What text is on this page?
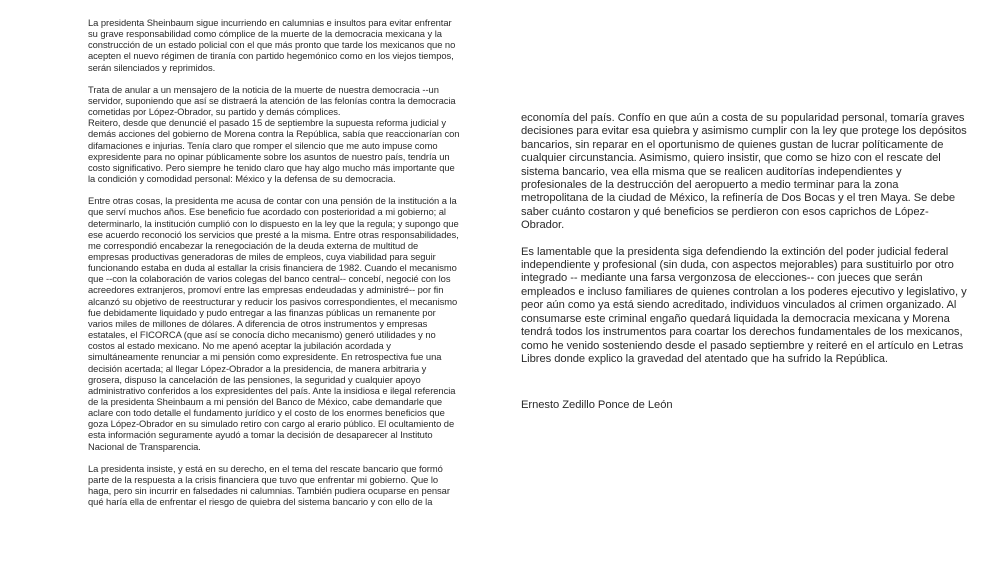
La presidenta Sheinbaum sigue incurriendo en calumnias e insultos para evitar enfrentar su grave responsabilidad como cómplice de la muerte de la democracia mexicana y la construcción de un estado policial con el que más pronto que tarde los mexicanos que no acepten el nuevo régimen de tiranía con partido hegemónico como en los viejos tiempos, serán silenciados y reprimidos.

Trata de anular a un mensajero de la noticia de la muerte de nuestra democracia --un servidor, suponiendo que así se distraerá la atención de las felonías contra la democracia cometidas por López-Obrador, su partido y demás cómplices.

Reitero, desde que denuncié el pasado 15 de septiembre la supuesta reforma judicial y demás acciones del gobierno de Morena contra la República, sabía que reaccionarían con difamaciones e injurias. Tenía claro que romper el silencio que me auto impuse como expresidente para no opinar públicamente sobre los asuntos de nuestro país, tendría un costo significativo. Pero siempre he tenido claro que hay algo mucho más importante que la condición y comodidad personal: México y la defensa de su democracia.

Entre otras cosas, la presidenta me acusa de contar con una pensión de la institución a la que serví muchos años. Ese beneficio fue acordado con posterioridad a mi gobierno; al determinarlo, la institución cumplió con lo dispuesto en la ley que la regula; y supongo que ese acuerdo reconoció los servicios que presté a la misma. Entre otras responsabilidades, me correspondió encabezar la renegociación de la deuda externa de multitud de empresas productivas generadoras de miles de empleos, cuya viabilidad para seguir funcionando estaba en duda al estallar la crisis financiera de 1982. Cuando el mecanismo que --con la colaboración de varios colegas del banco central-- concebí, negocié con los acreedores extranjeros, promoví entre las empresas endeudadas y administré-- por fin alcanzó su objetivo de reestructurar y reducir los pasivos correspondientes, el mecanismo fue debidamente liquidado y pudo entregar a las finanzas públicas un remanente por varios miles de millones de dólares. A diferencia de otros instrumentos y empresas estatales, el FICORCA (que así se conocía dicho mecanismo) generó utilidades y no costos al estado mexicano. No me apenó aceptar la jubilación acordada y simultáneamente renunciar a mi pensión como expresidente. En retrospectiva fue una decisión acertada; al llegar López-Obrador a la presidencia, de manera arbitraria y grosera, dispuso la cancelación de las pensiones, la seguridad y cualquier apoyo administrativo conferidos a los expresidentes del país. Ante la insidiosa e ilegal referencia de la presidenta Sheinbaum a mi pensión del Banco de México, cabe demandarle que aclare con todo detalle el fundamento jurídico y el costo de los enormes beneficios que goza López-Obrador en su simulado retiro con cargo al erario público. El ocultamiento de esta información seguramente ayudó a tomar la decisión de desaparecer al Instituto Nacional de Transparencia.

La presidenta insiste, y está en su derecho, en el tema del rescate bancario que formó parte de la respuesta a la crisis financiera que tuvo que enfrentar mi gobierno. Que lo haga, pero sin incurrir en falsedades ni calumnias. También pudiera ocuparse en pensar qué haría ella de enfrentar el riesgo de quiebra del sistema bancario y con ello de la

economía del país. Confío en que aún a costa de su popularidad personal, tomaría graves decisiones para evitar esa quiebra y asimismo cumplir con la ley que protege los depósitos bancarios, sin reparar en el oportunismo de quienes gustan de lucrar políticamente de cualquier circunstancia. Asimismo, quiero insistir, que como se hizo con el rescate del sistema bancario, vea ella misma que se realicen auditorías independientes y profesionales de la destrucción del aeropuerto a medio terminar para la zona metropolitana de la ciudad de México, la refinería de Dos Bocas y el tren Maya. Se debe saber cuánto costaron y qué beneficios se perdieron con esos caprichos de López-Obrador.

Es lamentable que la presidenta siga defendiendo la extinción del poder judicial federal independiente y profesional (sin duda, con aspectos mejorables) para sustituirlo por otro integrado -- mediante una farsa vergonzosa de elecciones-- con jueces que serán empleados e incluso familiares de quienes controlan a los poderes ejecutivo y legislativo, y peor aún como ya está siendo acreditado, individuos vinculados al crimen organizado. Al consumarse este criminal engaño quedará liquidada la democracia mexicana y Morena tendrá todos los instrumentos para coartar los derechos fundamentales de los mexicanos, como he venido sosteniendo desde el pasado septiembre y reiteré en el artículo en Letras Libres donde explico la gravedad del atentado que ha sufrido la República.

Ernesto Zedillo Ponce de León
